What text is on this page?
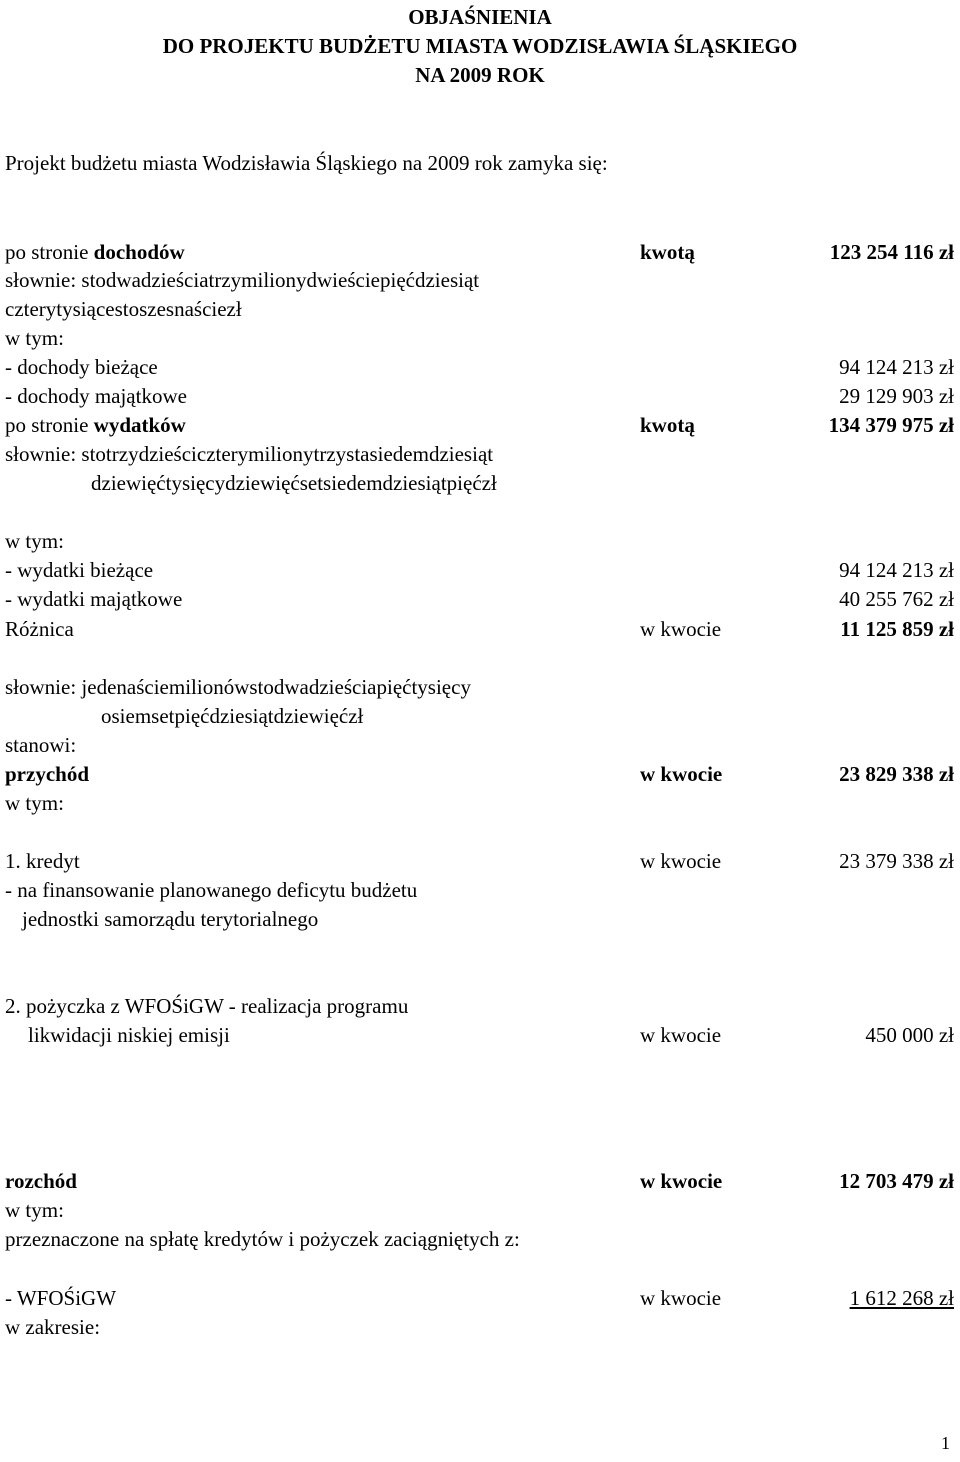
OBJAŚNIENIA
DO PROJEKTU BUDŻETU MIASTA WODZISŁAWIA ŚLĄSKIEGO
NA 2009 ROK
Projekt budżetu miasta Wodzisławia Śląskiego na 2009 rok zamyka się:
po stronie dochodów	kwotą	123 254 116 zł
słownie: stodwadzieściatrzymilionydwieściepięćdziesiąt
czterytysiącestoszesnaściezł
w tym:
- dochody bieżące	94 124 213 zł
- dochody majątkowe	29 129 903 zł
po stronie wydatków	kwotą	134 379 975 zł
słownie: stotrzydzieściczterymilionytrzystasiedemdziesiąt
dziewięćtysięcydziewięćsetsiedemdziesiątpięćzł
w tym:
- wydatki bieżące	94 124 213 zł
- wydatki majątkowe	40 255 762 zł
Różnica	w kwocie	11 125 859 zł
słownie: jedenaściemilionówstodwadzieściapięćtysięcy
osiemsetpięćdziesiątdziewięćzł
stanowi:
przychód	w kwocie	23 829 338 zł
w tym:
1. kredyt	w kwocie	23 379 338 zł
- na finansowanie planowanego deficytu budżetu
jednostki samorządu terytorialnego
2. pożyczka z WFOŚiGW - realizacja programu
likwidacji niskiej emisji	w kwocie	450 000 zł
rozchód	w kwocie	12 703 479 zł
w tym:
przeznaczone na spłatę kredytów i pożyczek zaciągniętych z:
- WFOŚiGW	w kwocie	1 612 268 zł
w zakresie:
1
